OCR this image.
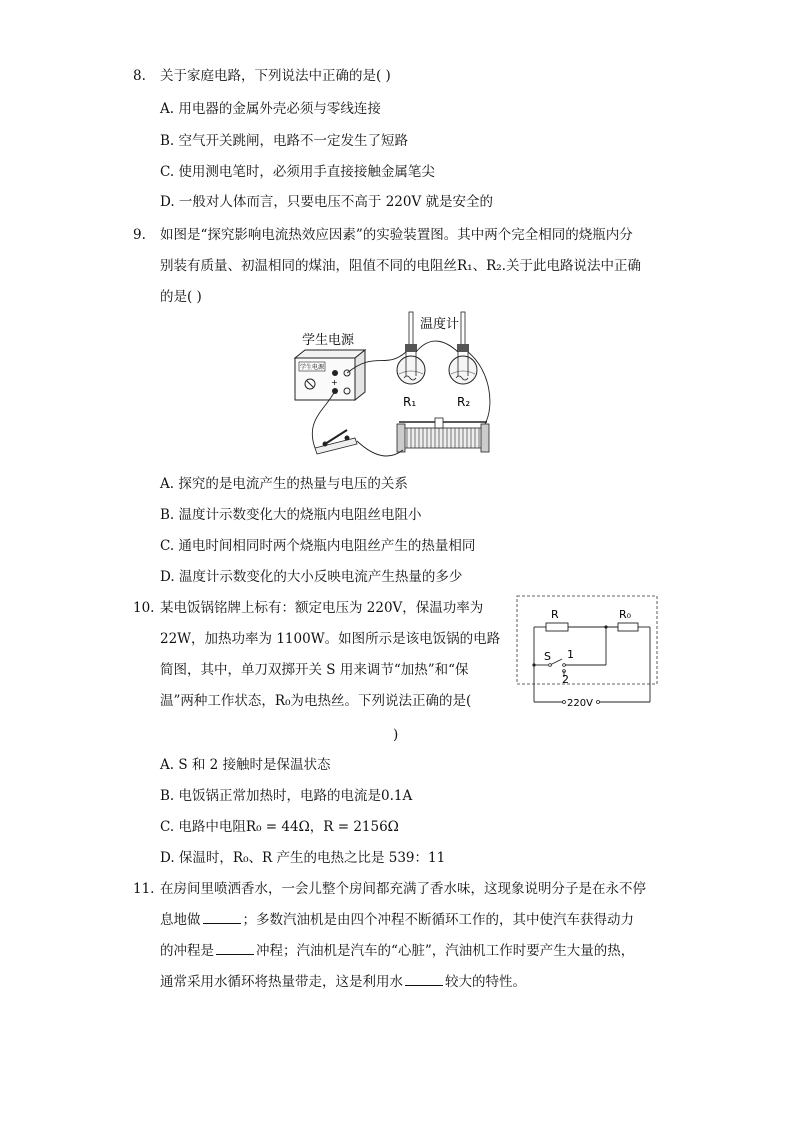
8. 关于家庭电路，下列说法中正确的是( )
A. 用电器的金属外壳必须与零线连接
B. 空气开关跳闸，电路不一定发生了短路
C. 使用测电笔时，必须用手直接接触金属笔尖
D. 一般对人体而言，只要电压不高于 220V 就是安全的
9. 如图是“探究影响电流热效应因素”的实验装置图。其中两个完全相同的烧瓶内分
别装有质量、初温相同的煤油，阻值不同的电阻丝R₁、R₂.关于此电路说法中正确
的是( )
学生电源
+
学生电源
温度计
R₁	R₂
A. 探究的是电流产生的热量与电压的关系
B. 温度计示数变化大的烧瓶内电阻丝电阻小
C. 通电时间相同时两个烧瓶内电阻丝产生的热量相同
D. 温度计示数变化的大小反映电流产生热量的多少
10. 某电饭锅铭牌上标有：额定电压为 220V，保温功率为
22W，加热功率为 1100W。如图所示是该电饭锅的电路
简图，其中，单刀双掷开关 S 用来调节“加热”和“保
温”两种工作状态，R₀为电热丝。下列说法正确的是(
)
R	R₀
S 1
2
220V
A. S 和 2 接触时是保温状态
B. 电饭锅正常加热时，电路的电流是0.1A
C. 电路中电阻R₀ = 44Ω，R = 2156Ω
D. 保温时，R₀、R 产生的电热之比是 539：11
11. 在房间里喷洒香水，一会儿整个房间都充满了香水味，这现象说明分子是在永不停
息地做	；多数汽油机是由四个冲程不断循环工作的，其中使汽车获得动力
的冲程是	冲程；汽油机是汽车的“心脏”，汽油机工作时要产生大量的热，
通常采用水循环将热量带走，这是利用水	较大的特性。
